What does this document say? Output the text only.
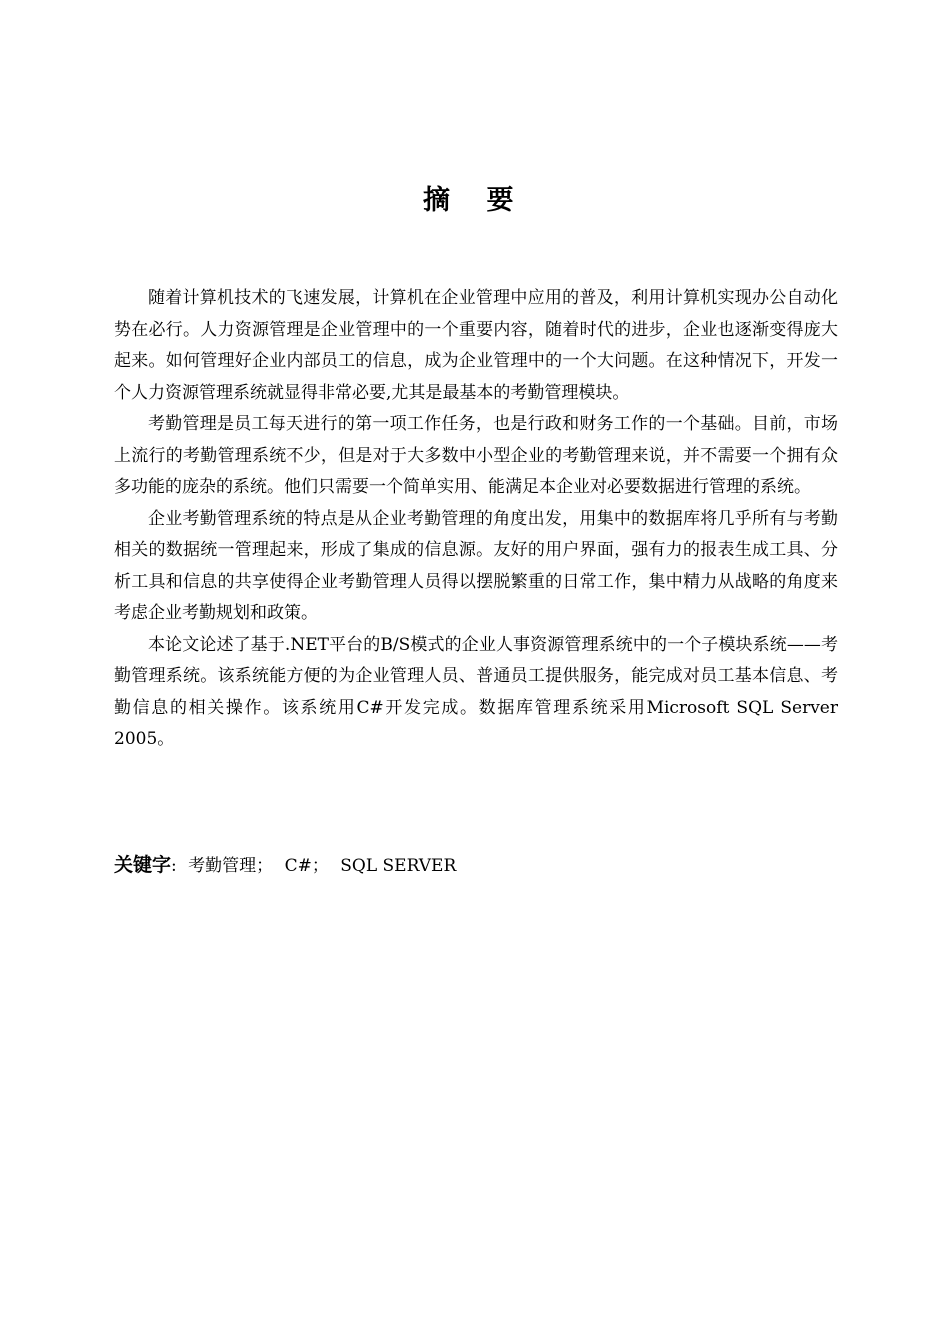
摘 要

随着计算机技术的飞速发展，计算机在企业管理中应用的普及，利用计算机实现办公自动化势在必行。人力资源管理是企业管理中的一个重要内容，随着时代的进步，企业也逐渐变得庞大起来。如何管理好企业内部员工的信息，成为企业管理中的一个大问题。在这种情况下，开发一个人力资源管理系统就显得非常必要,尤其是最基本的考勤管理模块。

考勤管理是员工每天进行的第一项工作任务，也是行政和财务工作的一个基础。目前，市场上流行的考勤管理系统不少，但是对于大多数中小型企业的考勤管理来说，并不需要一个拥有众多功能的庞杂的系统。他们只需要一个简单实用、能满足本企业对必要数据进行管理的系统。

企业考勤管理系统的特点是从企业考勤管理的角度出发，用集中的数据库将几乎所有与考勤相关的数据统一管理起来，形成了集成的信息源。友好的用户界面，强有力的报表生成工具、分析工具和信息的共享使得企业考勤管理人员得以摆脱繁重的日常工作，集中精力从战略的角度来考虑企业考勤规划和政策。

本论文论述了基于.NET平台的B/S模式的企业人事资源管理系统中的一个子模块系统——考勤管理系统。该系统能方便的为企业管理人员、普通员工提供服务，能完成对员工基本信息、考勤信息的相关操作。该系统用C#开发完成。数据库管理系统采用Microsoft SQL Server 2005。

关键字: 考勤管理； C#； SQL SERVER
